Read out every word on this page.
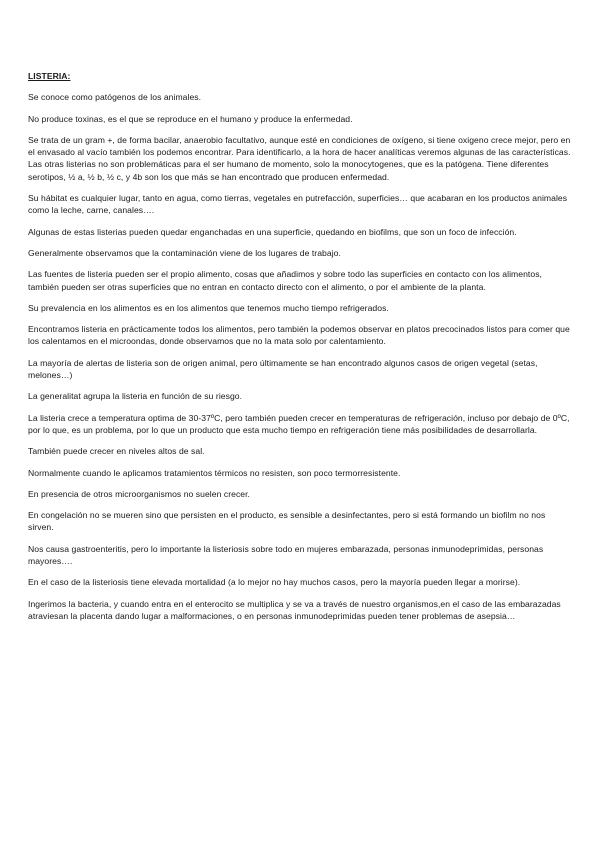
LISTERIA:

Se conoce como patógenos de los animales.

No produce toxinas, es el que se reproduce en el humano y produce la enfermedad.

Se trata de un gram +, de forma bacilar, anaerobio facultativo, aunque esté en condiciones de oxígeno, si tiene oxigeno crece mejor, pero en el envasado al vacío también los podemos encontrar. Para identificarlo, a la hora de hacer analíticas veremos algunas de las características. Las otras listerias no son problemáticas para el ser humano de momento, solo la monocytogenes, que es la patógena. Tiene diferentes serotipos, ½ a, ½ b, ½ c, y 4b son los que más se han encontrado que producen enfermedad.

Su hábitat es cualquier lugar, tanto en agua, como tierras, vegetales en putrefacción, superficies… que acabaran en los productos animales como la leche, carne, canales….

Algunas de estas listerias pueden quedar enganchadas en una superficie, quedando en biofilms, que son un foco de infección.

Generalmente observamos que la contaminación viene de los lugares de trabajo.

Las fuentes de listeria pueden ser el propio alimento, cosas que añadimos y sobre todo las superficies en contacto con los alimentos, también pueden ser otras superficies que no entran en contacto directo con el alimento, o por el ambiente de la planta.

Su prevalencia en los alimentos es en los alimentos que tenemos mucho tiempo refrigerados.

Encontramos listeria en prácticamente todos los alimentos, pero también la podemos observar en platos precocinados listos para comer que los calentamos en el microondas, donde observamos que no la mata solo por calentamiento.

La mayoría de alertas de listeria son de origen animal, pero últimamente se han encontrado algunos casos de origen vegetal (setas, melones…)

La generalitat agrupa la listeria en función de su riesgo.

La listeria crece a temperatura optima de 30-37ºC, pero también pueden crecer en temperaturas de refrigeración, incluso por debajo de 0ºC, por lo que, es un problema, por lo que un producto que esta mucho tiempo en refrigeración tiene más posibilidades de desarrollarla.

También puede crecer en niveles altos de sal.

Normalmente cuando le aplicamos tratamientos térmicos no resisten, son poco termorresistente.

En presencia de otros microorganismos no suelen crecer.

En congelación no se mueren sino que persisten en el producto, es sensible a desinfectantes, pero si está formando un biofilm no nos sirven.

Nos causa gastroenteritis, pero lo importante la listeriosis sobre todo en mujeres embarazada, personas inmunodeprimidas, personas mayores….

En el caso de la listeriosis tiene elevada mortalidad (a lo mejor no hay muchos casos, pero la mayoría pueden llegar a morirse).

Ingerimos la bacteria, y cuando entra en el enterocito se multiplica y se va a través de nuestro organismos,en el caso de las embarazadas atraviesan la placenta dando lugar a malformaciones, o en personas inmunodeprimidas pueden tener problemas de asepsia…
